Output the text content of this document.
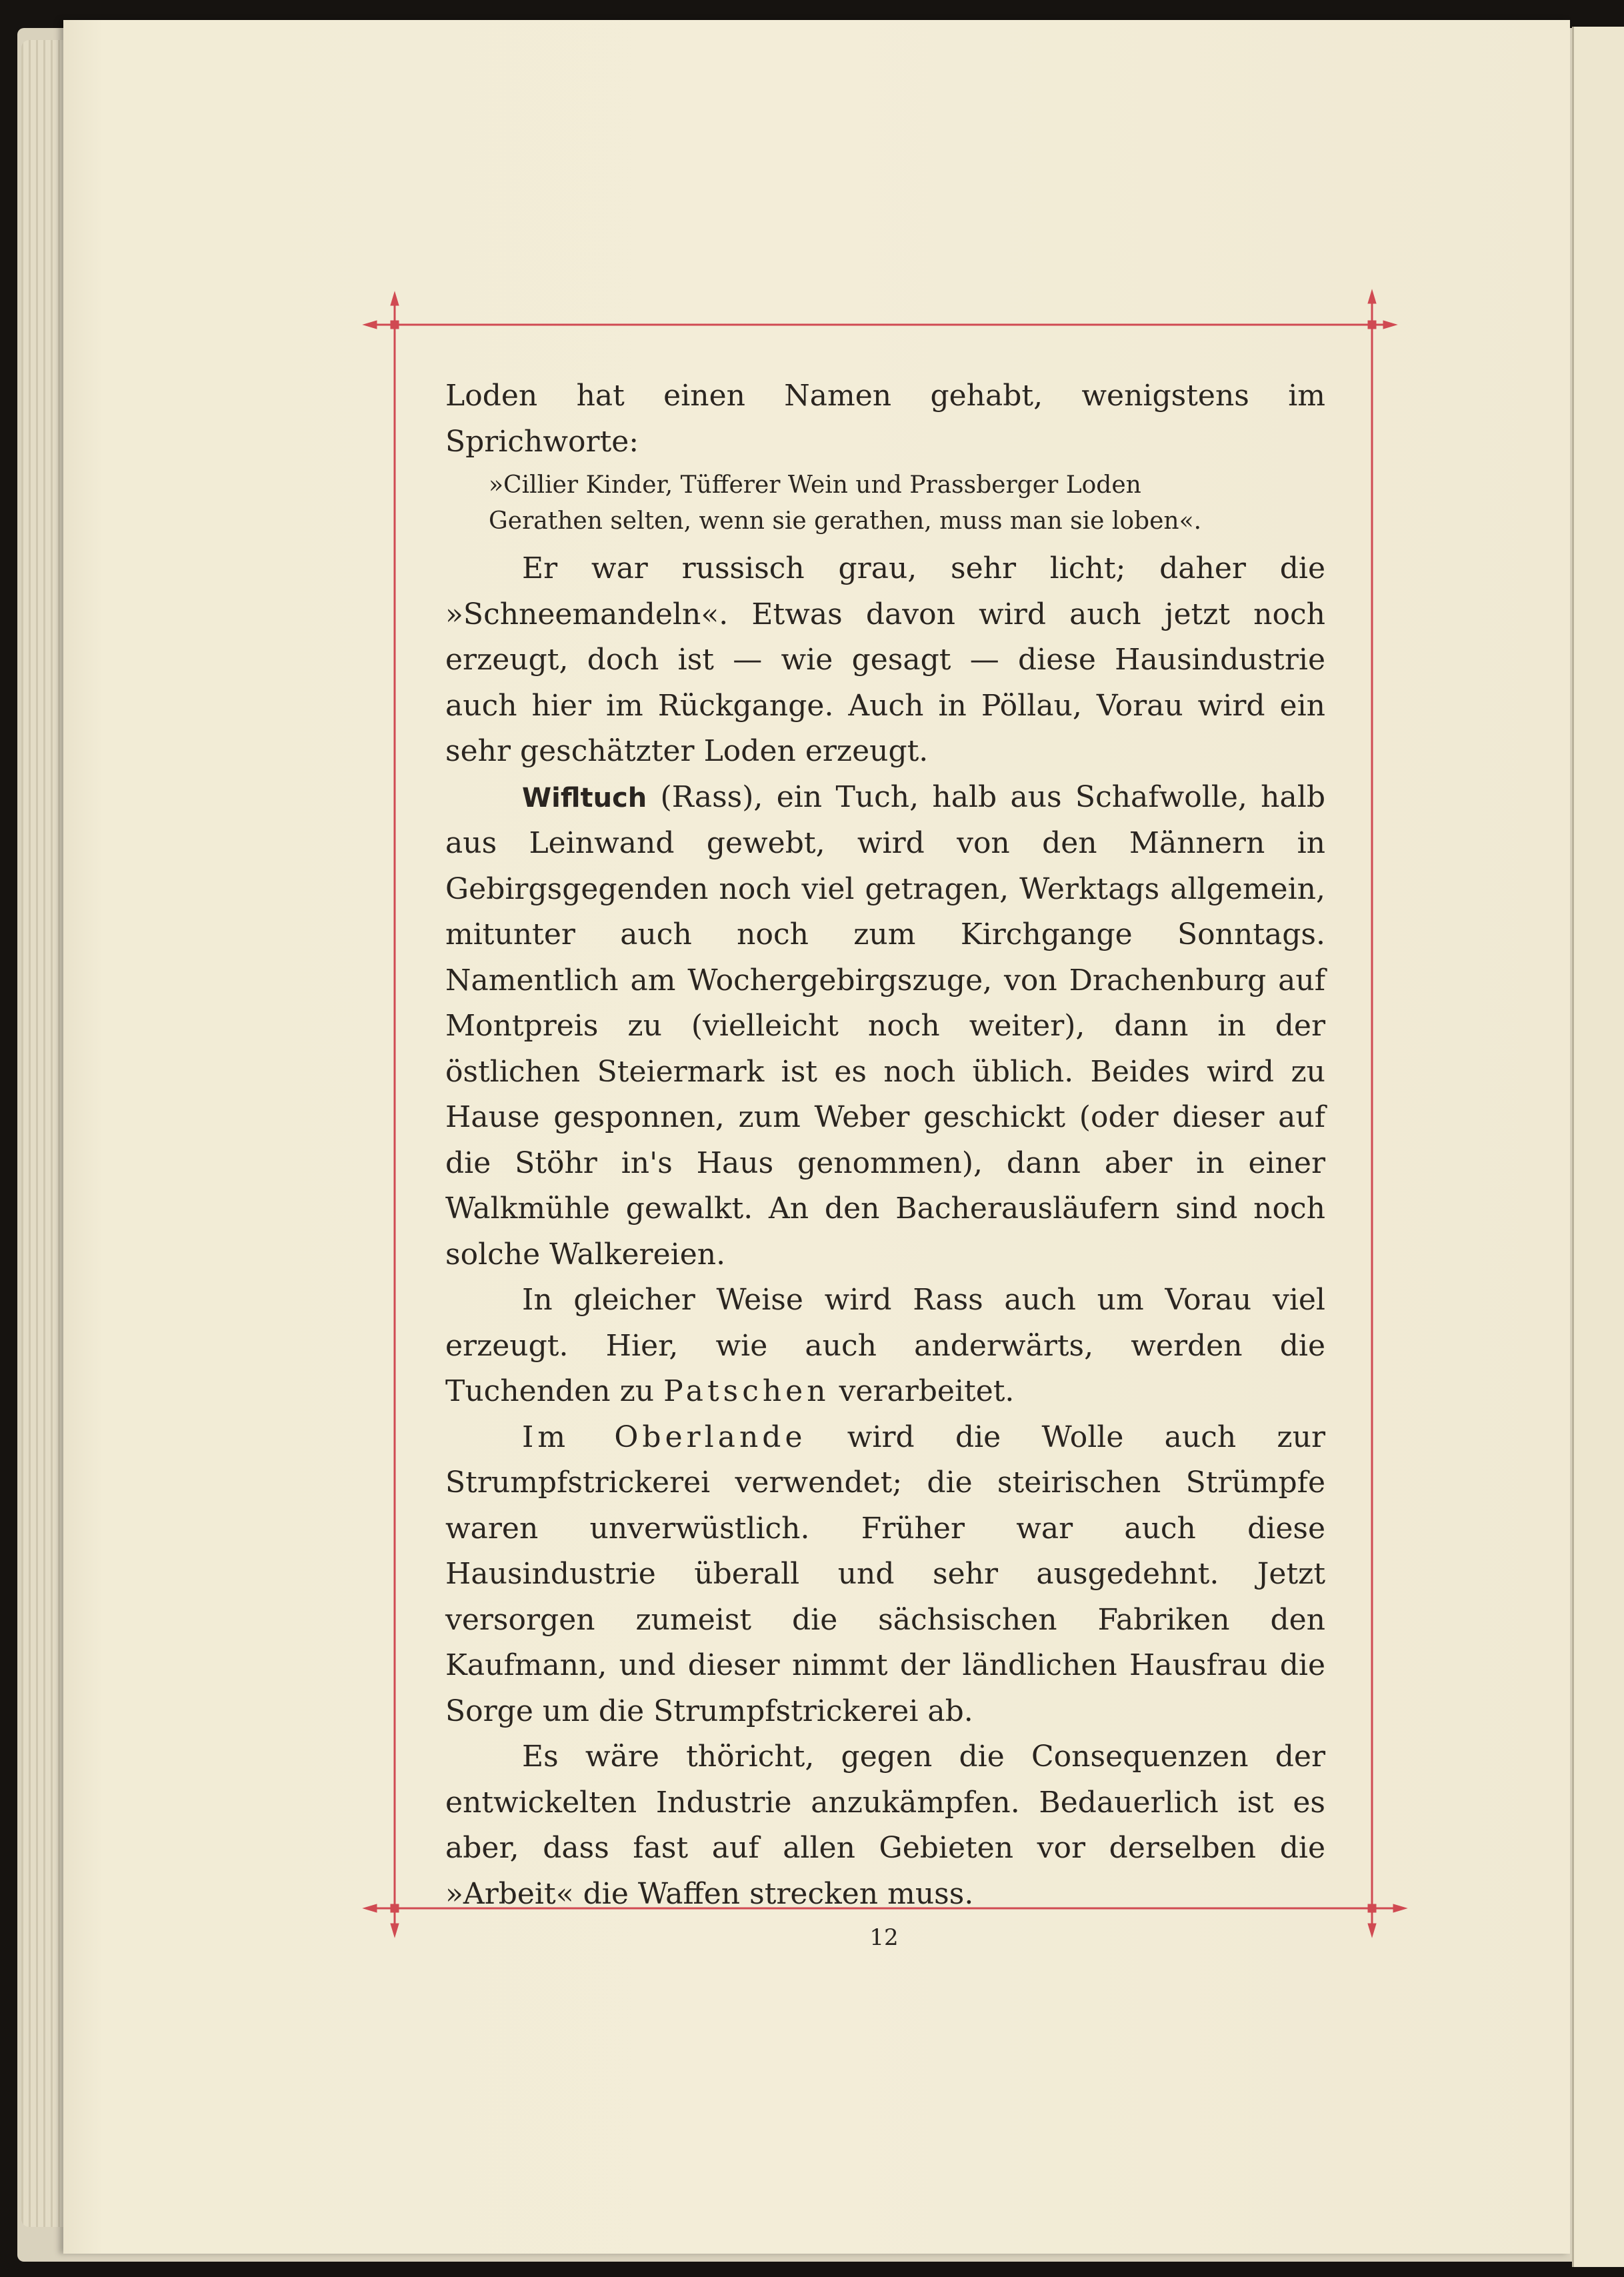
Loden hat einen Namen gehabt, wenigstens im Sprichworte:

»Cillier Kinder, Tüfferer Wein und Prassberger Loden
Gerathen selten, wenn sie gerathen, muss man sie loben«.

Er war russisch grau, sehr licht; daher die »Schneemandeln«. Etwas davon wird auch jetzt noch erzeugt, doch ist — wie gesagt — diese Hausindustrie auch hier im Rückgange. Auch in Pöllau, Vorau wird ein sehr geschätzter Loden erzeugt.

Wifltuch (Rass), ein Tuch, halb aus Schafwolle, halb aus Leinwand gewebt, wird von den Männern in Gebirgsgegenden noch viel getragen, Werktags allgemein, mitunter auch noch zum Kirchgange Sonntags. Namentlich am Wochergebirgszuge, von Drachenburg auf Montpreis zu (vielleicht noch weiter), dann in der östlichen Steiermark ist es noch üblich. Beides wird zu Hause gesponnen, zum Weber geschickt (oder dieser auf die Stöhr in's Haus genommen), dann aber in einer Walkmühle gewalkt. An den Bacherausläufern sind noch solche Walkereien.

In gleicher Weise wird Rass auch um Vorau viel erzeugt. Hier, wie auch anderwärts, werden die Tuchenden zu Patschen verarbeitet.

Im Oberlande wird die Wolle auch zur Strumpfstrickerei verwendet; die steirischen Strümpfe waren unverwüstlich. Früher war auch diese Hausindustrie überall und sehr ausgedehnt. Jetzt versorgen zumeist die sächsischen Fabriken den Kaufmann, und dieser nimmt der ländlichen Hausfrau die Sorge um die Strumpfstrickerei ab.

Es wäre thöricht, gegen die Consequenzen der entwickelten Industrie anzukämpfen. Bedauerlich ist es aber, dass fast auf allen Gebieten vor derselben die »Arbeit« die Waffen strecken muss.

12
